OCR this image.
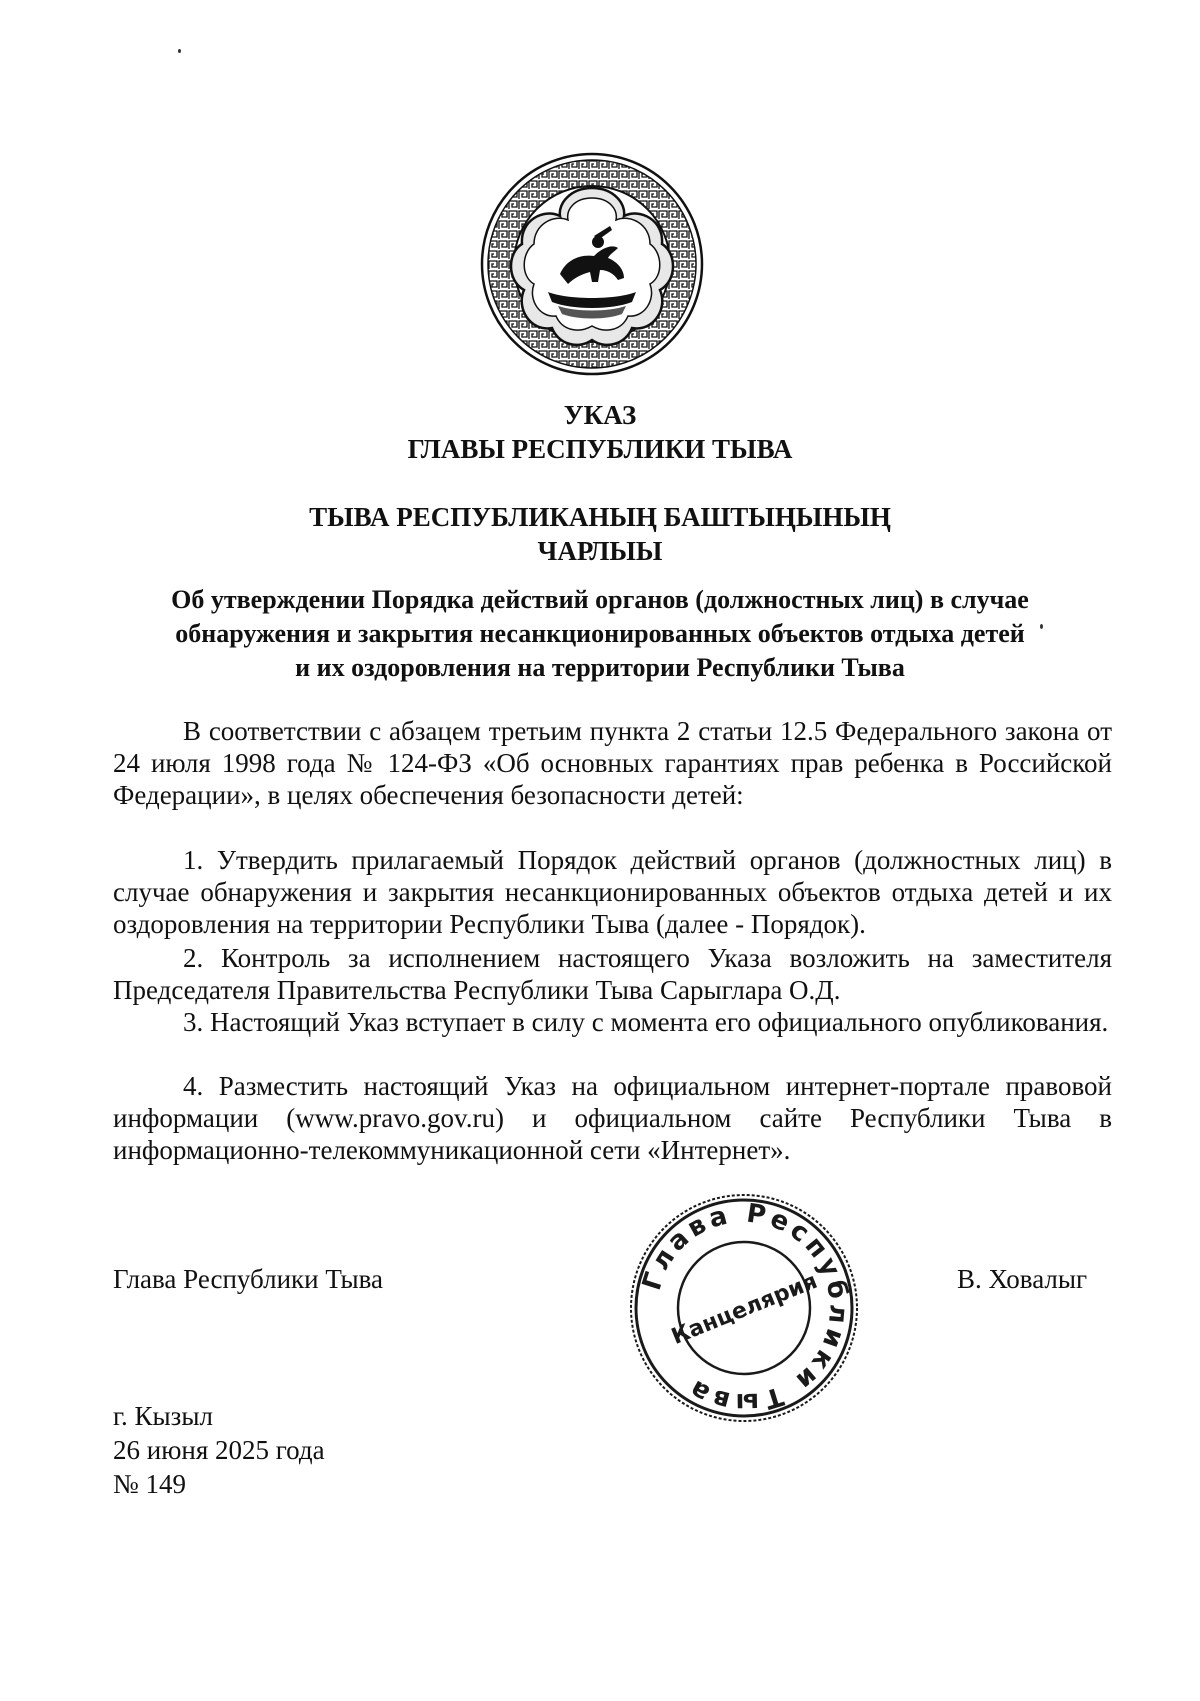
УКАЗ
ГЛАВЫ РЕСПУБЛИКИ ТЫВА
ТЫВА РЕСПУБЛИКАНЫҢ БАШТЫҢЫНЫҢ
ЧАРЛЫЫ
Об утверждении Порядка действий органов (должностных лиц) в случае
обнаружения и закрытия несанкционированных объектов отдыха детей
и их оздоровления на территории Республики Тыва
В соответствии с абзацем третьим пункта 2 статьи 12.5 Федерального закона от 24 июля 1998 года № 124-ФЗ «Об основных гарантиях прав ребенка в Российской Федерации», в целях обеспечения безопасности детей:
1. Утвердить прилагаемый Порядок действий органов (должностных лиц) в случае обнаружения и закрытия несанкционированных объектов отдыха детей и их оздоровления на территории Республики Тыва (далее - Порядок).
2. Контроль за исполнением настоящего Указа возложить на заместителя Председателя Правительства Республики Тыва Сарыглара О.Д.
3. Настоящий Указ вступает в силу с момента его официального опубликования.
4. Разместить настоящий Указ на официальном интернет-портале правовой информации (www.pravo.gov.ru) и официальном сайте Республики Тыва в информационно-телекоммуникационной сети «Интернет».
Глава Республики Тыва	В. Ховалыг
Глава Республики Тыва
Канцелярия
г. Кызыл
26 июня 2025 года
№ 149
